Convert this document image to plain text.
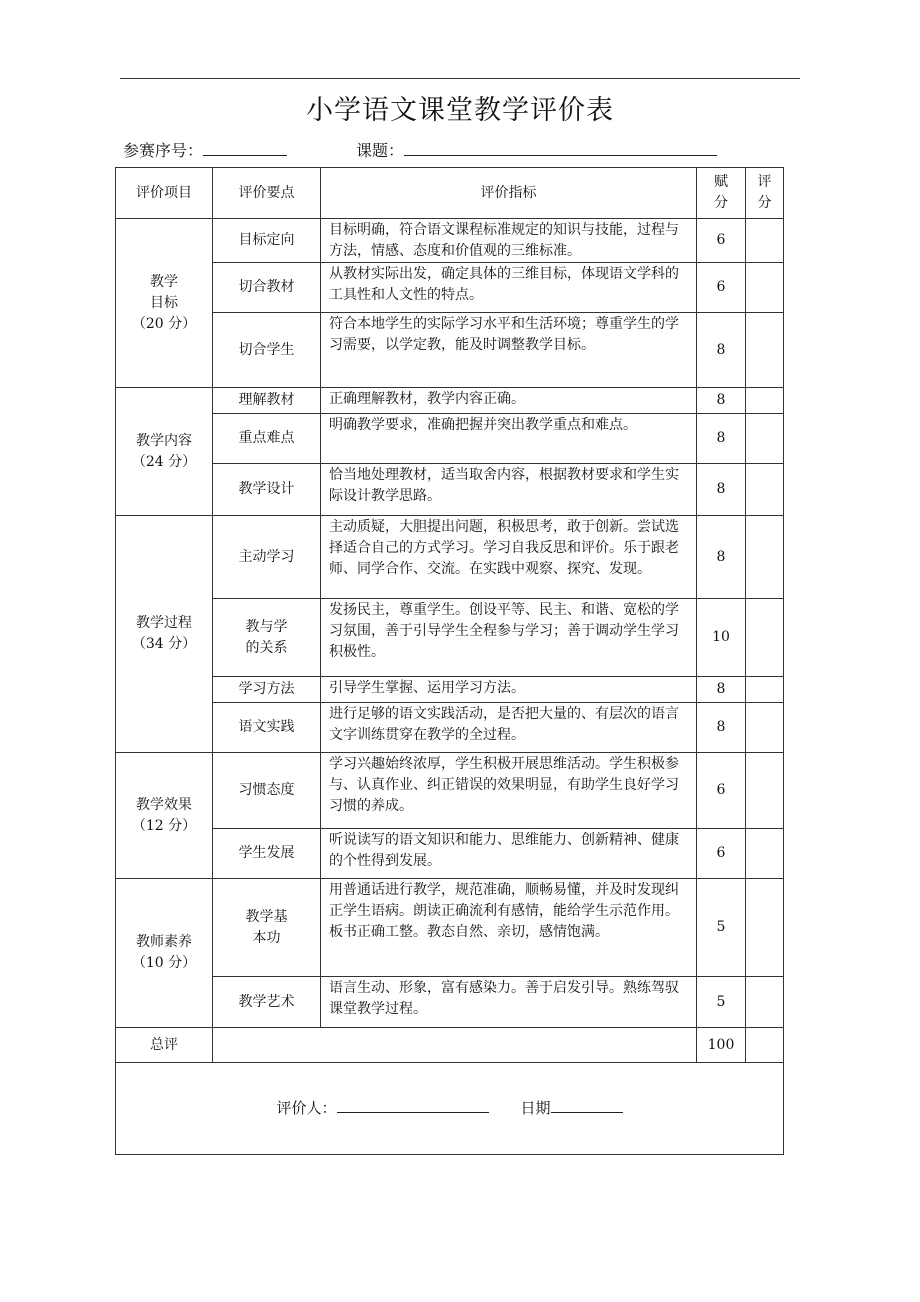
小学语文课堂教学评价表
参赛序号：	课题：
评价项目	评价要点	评价指标	赋分	评分

教学目标
（20 分）	目标定向	目标明确，符合语文课程标准规定的知识与技能，过程与方法，情感、态度和价值观的三维标准。	6	
	切合教材	从教材实际出发，确定具体的三维目标，体现语文学科的工具性和人文性的特点。	6	
	切合学生	符合本地学生的实际学习水平和生活环境；尊重学生的学习需要，以学定教，能及时调整教学目标。	8	

教学内容
（24 分）	理解教材	正确理解教材，教学内容正确。	8	
	重点难点	明确教学要求，准确把握并突出教学重点和难点。	8	
	教学设计	恰当地处理教材，适当取舍内容，根据教材要求和学生实际设计教学思路。	8	

教学过程
（34 分）	主动学习	主动质疑，大胆提出问题，积极思考，敢于创新。尝试选择适合自己的方式学习。学习自我反思和评价。乐于跟老师、同学合作、交流。在实践中观察、探究、发现。	8	

	教与学的关系	发扬民主，尊重学生。创设平等、民主、和谐、宽松的学习氛围，善于引导学生全程参与学习；善于调动学生学习积极性。	10	
	学习方法	引导学生掌握、运用学习方法。	8	
	语文实践	进行足够的语文实践活动，是否把大量的、有层次的语言文字训练贯穿在教学的全过程。	8	

教学效果
（12 分）	习惯态度	学习兴趣始终浓厚，学生积极开展思维活动。学生积极参与、认真作业、纠正错误的效果明显，有助学生良好学习习惯的养成。	6	
	学生发展	听说读写的语文知识和能力、思维能力、创新精神、健康的个性得到发展。	6	

教师素养
（10 分）	教学基本功	用普通话进行教学，规范准确，顺畅易懂，并及时发现纠正学生语病。朗读正确流利有感情，能给学生示范作用。板书正确工整。教态自然、亲切，感情饱满。	5	
	教学艺术	语言生动、形象，富有感染力。善于启发引导。熟练驾驭课堂教学过程。	5	
总评			100	
评价人： 日期				
